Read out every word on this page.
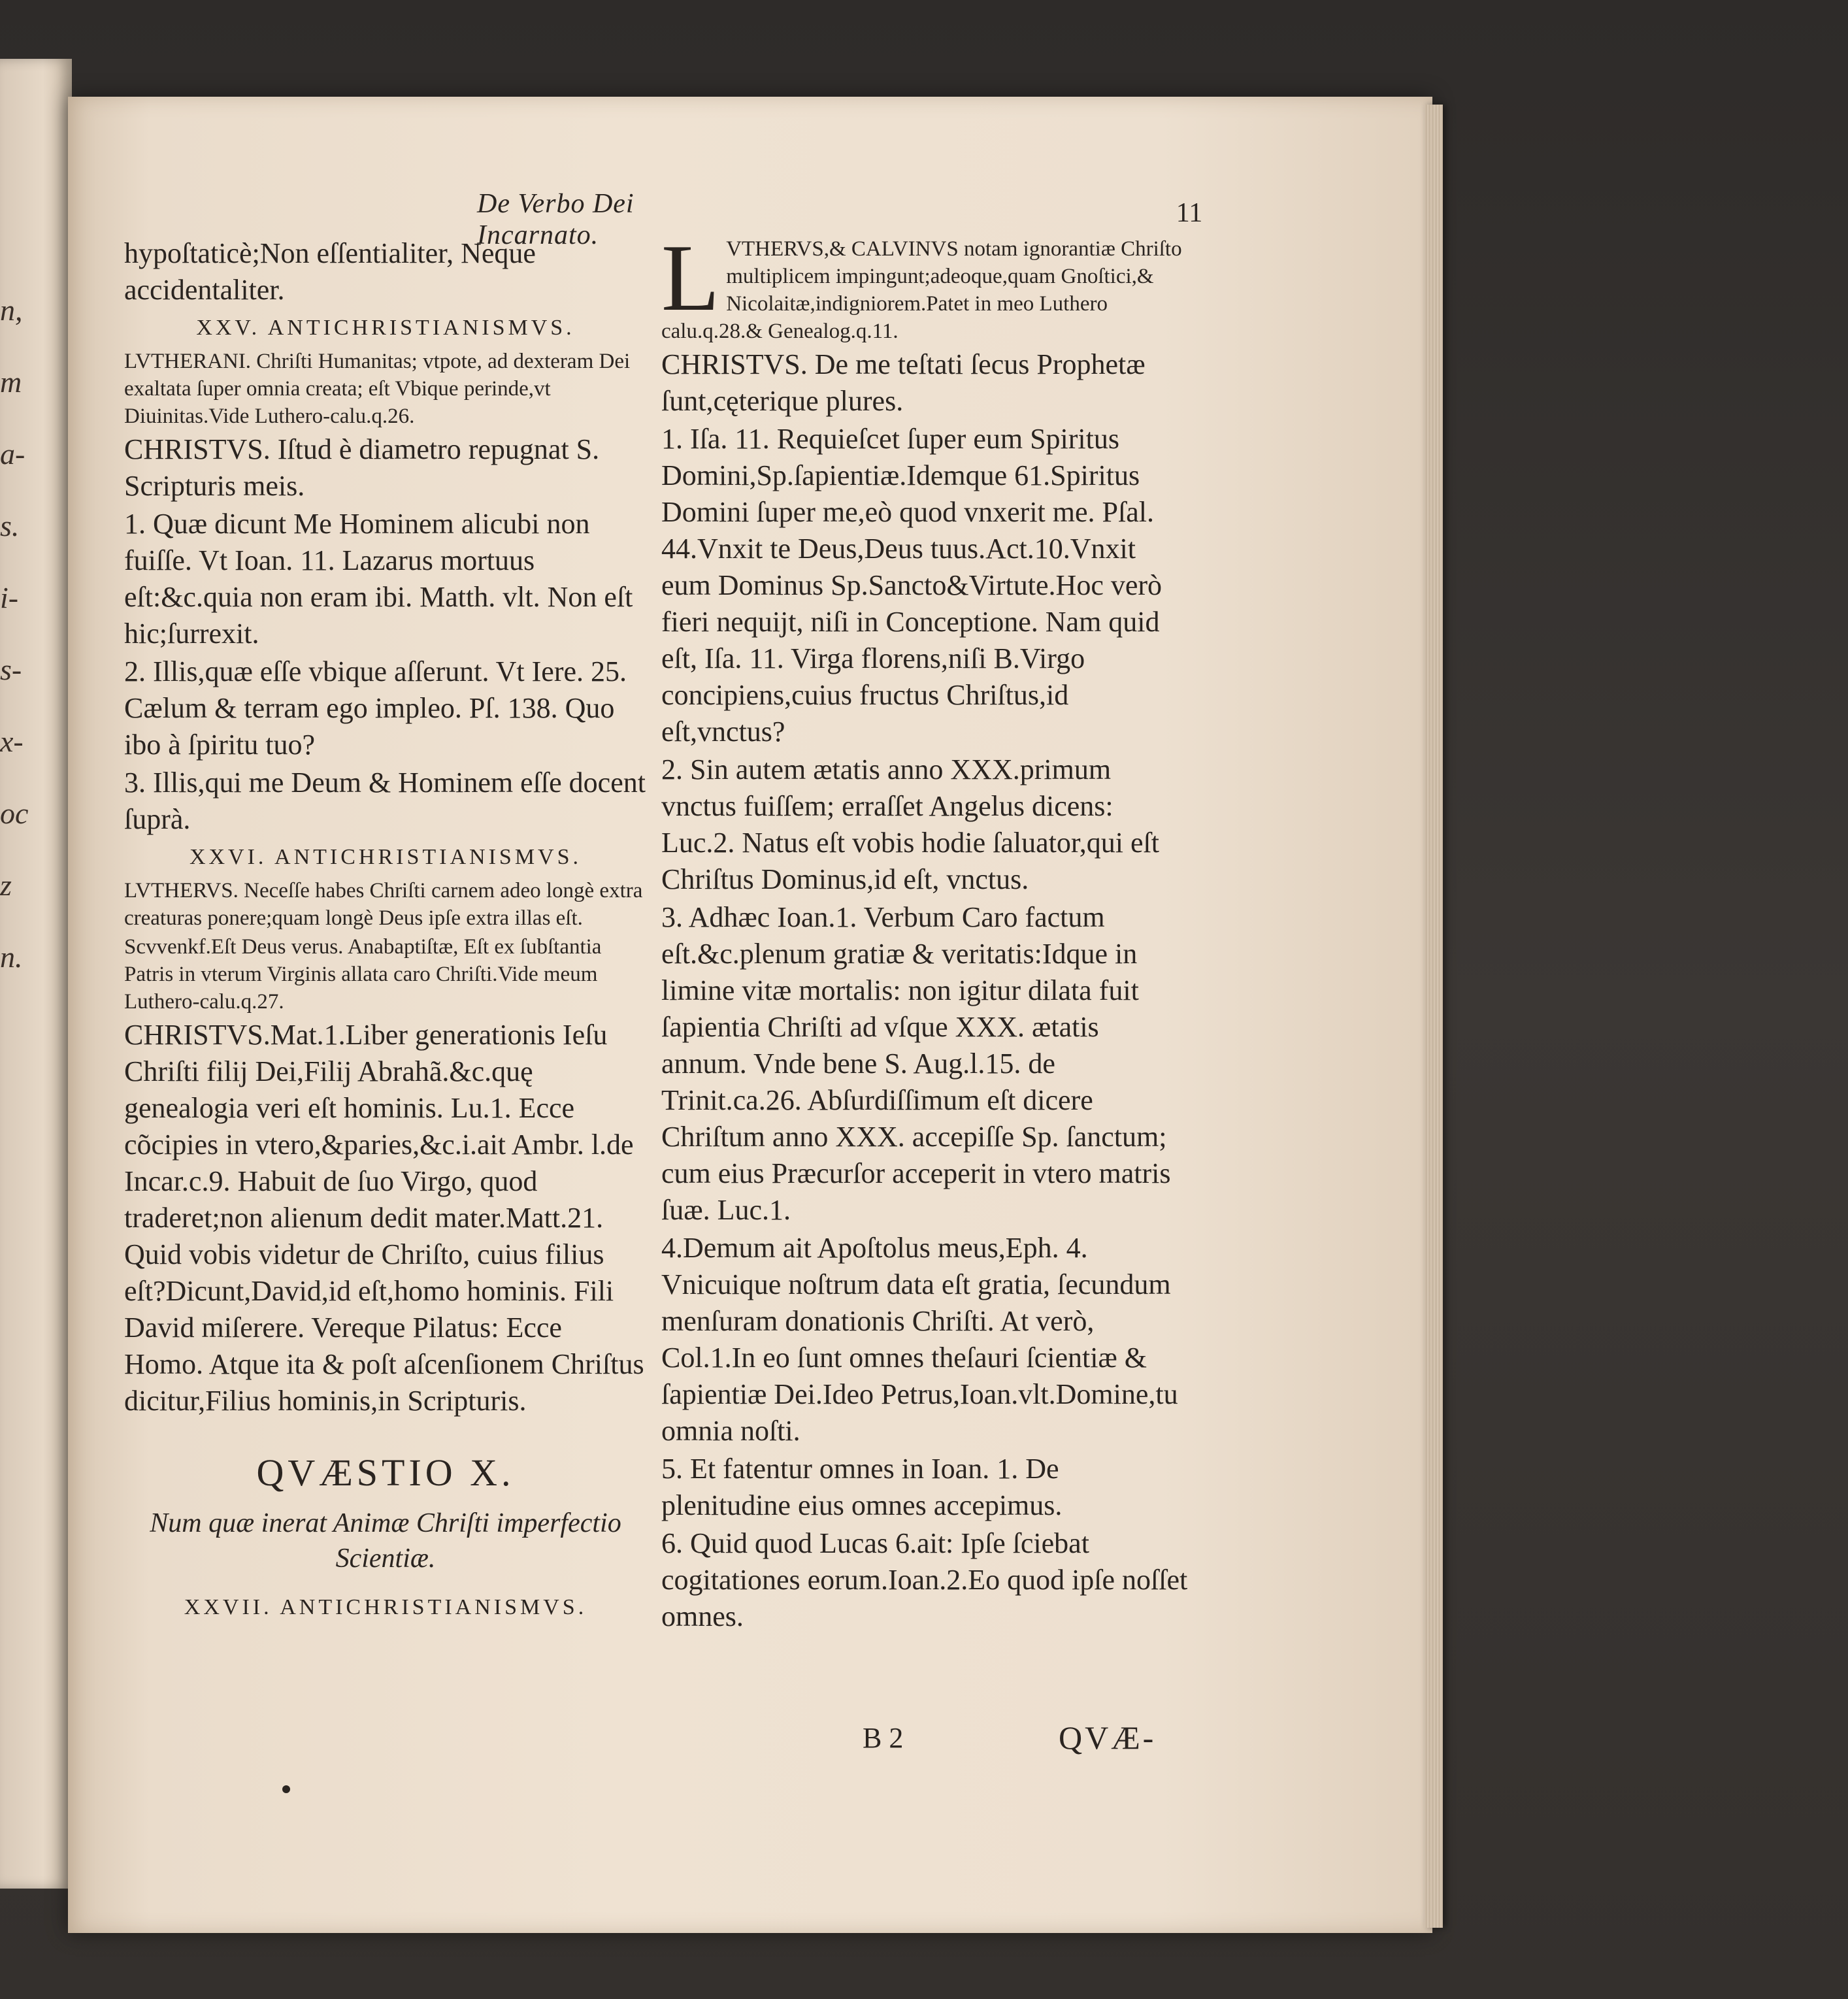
n,
m
a-
s.
i-
s-
x-
oc
z
n.
De Verbo Dei Incarnato.
11

hypoſtaticè;Non eſſentialiter, Neque accidentaliter.

XXV. ANTICHRISTIANISMVS.

LVTHERANI. Chriſti Humanitas; vtpote, ad dexteram Dei exaltata ſuper omnia creata; eſt Vbique perinde,vt Diuinitas.Vide Luthero-calu.q.26.

CHRISTVS. Iſtud è diametro repugnat S. Scripturis meis.

1. Quæ dicunt Me Hominem alicubi non fuiſſe. Vt Ioan. 11. Lazarus mortuus eſt:&c.quia non eram ibi. Matth. vlt. Non eſt hic;ſurrexit.

2. Illis,quæ eſſe vbique aſſerunt. Vt Iere. 25. Cælum & terram ego impleo. Pſ. 138. Quo ibo à ſpiritu tuo?

3. Illis,qui me Deum & Hominem eſſe docent ſuprà.

XXVI. ANTICHRISTIANISMVS.

LVTHERVS. Neceſſe habes Chriſti carnem adeo longè extra creaturas ponere;quam longè Deus ipſe extra illas eſt.

Scvvenkf.Eſt Deus verus. Anabaptiſtæ, Eſt ex ſubſtantia Patris in vterum Virginis allata caro Chriſti.Vide meum Luthero-calu.q.27.

CHRISTVS.Mat.1.Liber generationis Ieſu Chriſti filij Dei,Filij Abrahã.&c.quę genealogia veri eſt hominis. Lu.1. Ecce cõcipies in vtero,&paries,&c.i.ait Ambr. l.de Incar.c.9. Habuit de ſuo Virgo, quod traderet;non alienum dedit mater.Matt.21. Quid vobis videtur de Chriſto, cuius filius eſt?Dicunt,David,id eſt,homo hominis. Fili David miſerere. Vereque Pilatus: Ecce Homo. Atque ita & poſt aſcenſionem Chriſtus dicitur,Filius hominis,in Scripturis.

QVÆSTIO X.

Num quæ inerat Animæ Chriſti imperfectio Scientiæ.

XXVII. ANTICHRISTIANISMVS.

LVTHERVS,& CALVINVS notam ignorantiæ Chriſto multiplicem impingunt;adeoque,quam Gnoſtici,& Nicolaitæ,indigniorem.Patet in meo Luthero calu.q.28.& Genealog.q.11.

CHRISTVS. De me teſtati ſecus Prophetæ ſunt,cęterique plures.

1. Iſa. 11. Requieſcet ſuper eum Spiritus Domini,Sp.ſapientiæ.Idemque 61.Spiritus Domini ſuper me,eò quod vnxerit me. Pſal. 44.Vnxit te Deus,Deus tuus.Act.10.Vnxit eum Dominus Sp.Sancto&Virtute.Hoc verò fieri nequijt, niſi in Conceptione. Nam quid eſt, Iſa. 11. Virga florens,niſi B.Virgo concipiens,cuius fructus Chriſtus,id eſt,vnctus?

2. Sin autem ætatis anno XXX.primum vnctus fuiſſem; erraſſet Angelus dicens: Luc.2. Natus eſt vobis hodie ſaluator,qui eſt Chriſtus Dominus,id eſt, vnctus.

3. Adhæc Ioan.1. Verbum Caro factum eſt.&c.plenum gratiæ & veritatis:Idque in limine vitæ mortalis: non igitur dilata fuit ſapientia Chriſti ad vſque XXX. ætatis annum. Vnde bene S. Aug.l.15. de Trinit.ca.26. Abſurdiſſimum eſt dicere Chriſtum anno XXX. accepiſſe Sp. ſanctum; cum eius Præcurſor acceperit in vtero matris ſuæ. Luc.1.

4.Demum ait Apoſtolus meus,Eph. 4. Vnicuique noſtrum data eſt gratia, ſecundum menſuram donationis Chriſti. At verò, Col.1.In eo ſunt omnes theſauri ſcientiæ & ſapientiæ Dei.Ideo Petrus,Ioan.vlt.Domine,tu omnia noſti.

5. Et fatentur omnes in Ioan. 1. De plenitudine eius omnes accepimus.

6. Quid quod Lucas 6.ait: Ipſe ſciebat cogitationes eorum.Ioan.2.Eo quod ipſe noſſet omnes.

B 2	QVÆ-
